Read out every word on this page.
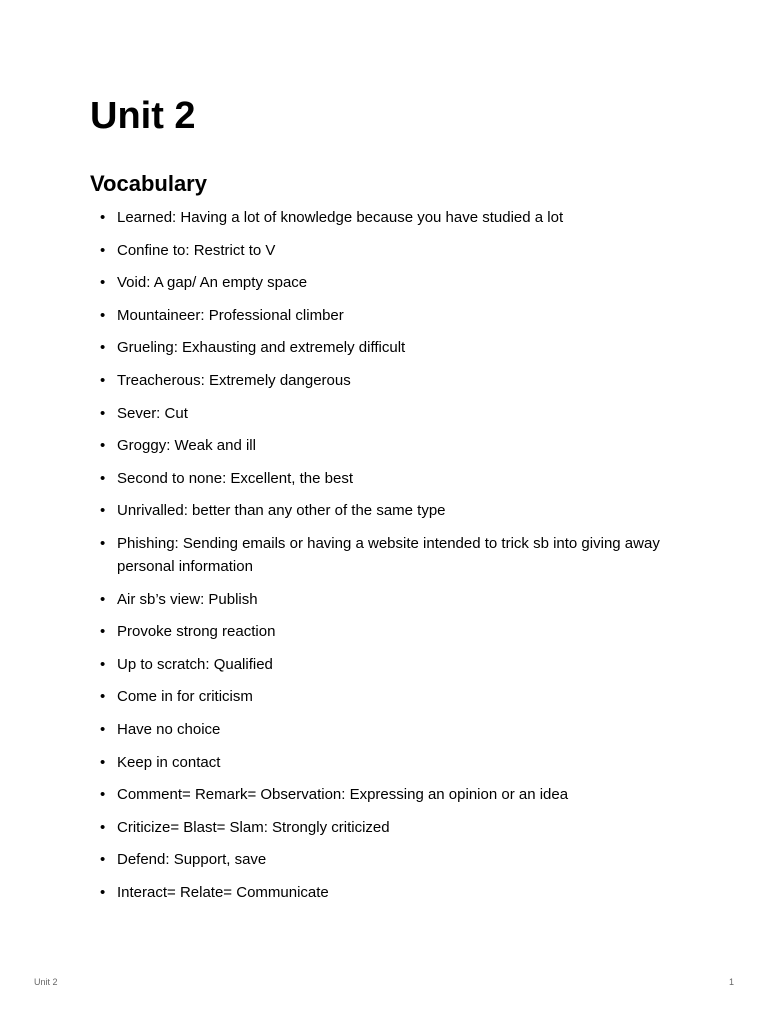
Unit 2
Vocabulary
• Learned: Having a lot of knowledge because you have studied a lot
• Confine to: Restrict to V
• Void: A gap/ An empty space
• Mountaineer: Professional climber
• Grueling: Exhausting and extremely difficult
• Treacherous: Extremely dangerous
• Sever: Cut
• Groggy: Weak and ill
• Second to none: Excellent, the best
• Unrivalled: better than any other of the same type
• Phishing: Sending emails or having a website intended to trick sb into giving away personal information
• Air sb’s view: Publish
• Provoke strong reaction
• Up to scratch: Qualified
• Come in for criticism
• Have no choice
• Keep in contact
• Comment= Remark= Observation: Expressing an opinion or an idea
• Criticize= Blast= Slam: Strongly criticized
• Defend: Support, save
• Interact= Relate= Communicate
Unit 2	1
